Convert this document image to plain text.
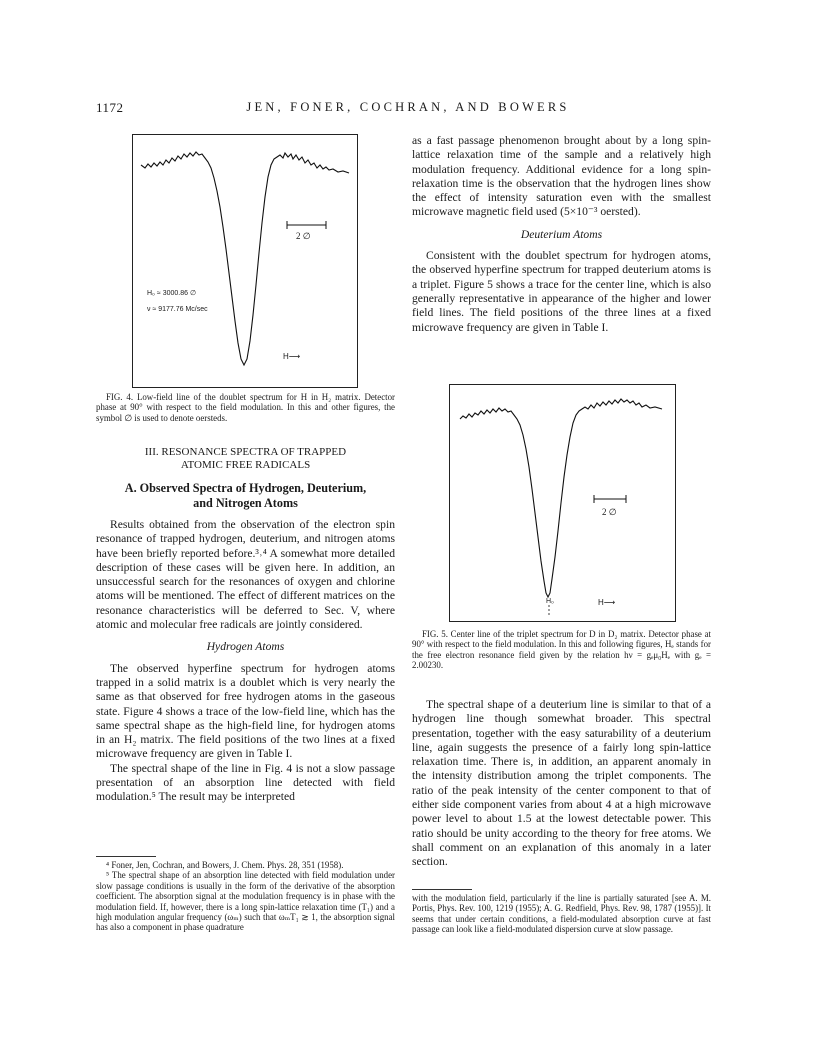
1172	JEN, FONER, COCHRAN, AND BOWERS
2 ∅
H₀ ≈ 3000.86 ∅
ν ≈ 9177.76 Mc/sec
H⟶
FIG. 4. Low-field line of the doublet spectrum for H in H₂ matrix. Detector phase at 90° with respect to the field modulation. In this and other figures, the symbol ∅ is used to denote oersteds.
III. RESONANCE SPECTRA OF TRAPPED
ATOMIC FREE RADICALS
A. Observed Spectra of Hydrogen, Deuterium,
and Nitrogen Atoms

Results obtained from the observation of the electron spin resonance of trapped hydrogen, deuterium, and nitrogen atoms have been briefly reported before.³˒⁴ A somewhat more detailed description of these cases will be given here. In addition, an unsuccessful search for the resonances of oxygen and chlorine atoms will be mentioned. The effect of different matrices on the resonance characteristics will be deferred to Sec. V, where atomic and molecular free radicals are jointly considered.

Hydrogen Atoms

The observed hyperfine spectrum for hydrogen atoms trapped in a solid matrix is a doublet which is very nearly the same as that observed for free hydrogen atoms in the gaseous state. Figure 4 shows a trace of the low-field line, which has the same spectral shape as the high-field line, for hydrogen atoms in an H₂ matrix. The field positions of the two lines at a fixed microwave frequency are given in Table I.

The spectral shape of the line in Fig. 4 is not a slow passage presentation of an absorption line detected with field modulation.⁵ The result may be interpreted

⁴ Foner, Jen, Cochran, and Bowers, J. Chem. Phys. 28, 351 (1958).
⁵ The spectral shape of an absorption line detected with field modulation under slow passage conditions is usually in the form of the derivative of the absorption coefficient. The absorption signal at the modulation frequency is in phase with the modulation field. If, however, there is a long spin-lattice relaxation time (T₁) and a high modulation angular frequency (ωₘ) such that ωₘT₁ ≳ 1, the absorption signal has also a component in phase quadrature

as a fast passage phenomenon brought about by a long spin-lattice relaxation time of the sample and a relatively high modulation frequency. Additional evidence for a long spin-relaxation time is the observation that the hydrogen lines show the effect of intensity saturation even with the smallest microwave magnetic field used (5×10⁻³ oersted).

Deuterium Atoms

Consistent with the doublet spectrum for hydrogen atoms, the observed hyperfine spectrum for trapped deuterium atoms is a triplet. Figure 5 shows a trace for the center line, which is also generally representative in appearance of the higher and lower field lines. The field positions of the three lines at a fixed microwave frequency are given in Table I.

2 ∅
H₀	H⟶
FIG. 5. Center line of the triplet spectrum for D in D₂ matrix. Detector phase at 90° with respect to the field modulation. In this and following figures, Hₑ stands for the free electron resonance field given by the relation hν = gₑμ₀Hₑ with gₑ = 2.00230.

The spectral shape of a deuterium line is similar to that of a hydrogen line though somewhat broader. This spectral presentation, together with the easy saturability of a deuterium line, again suggests the presence of a fairly long spin-lattice relaxation time. There is, in addition, an apparent anomaly in the intensity distribution among the triplet components. The ratio of the peak intensity of the center component to that of either side component varies from about 4 at a high microwave power level to about 1.5 at the lowest detectable power. This ratio should be unity according to the theory for free atoms. We shall comment on an explanation of this anomaly in a later section.

with the modulation field, particularly if the line is partially saturated [see A. M. Portis, Phys. Rev. 100, 1219 (1955); A. G. Redfield, Phys. Rev. 98, 1787 (1955)]. It seems that under certain conditions, a field-modulated absorption curve at fast passage can look like a field-modulated dispersion curve at slow passage.
